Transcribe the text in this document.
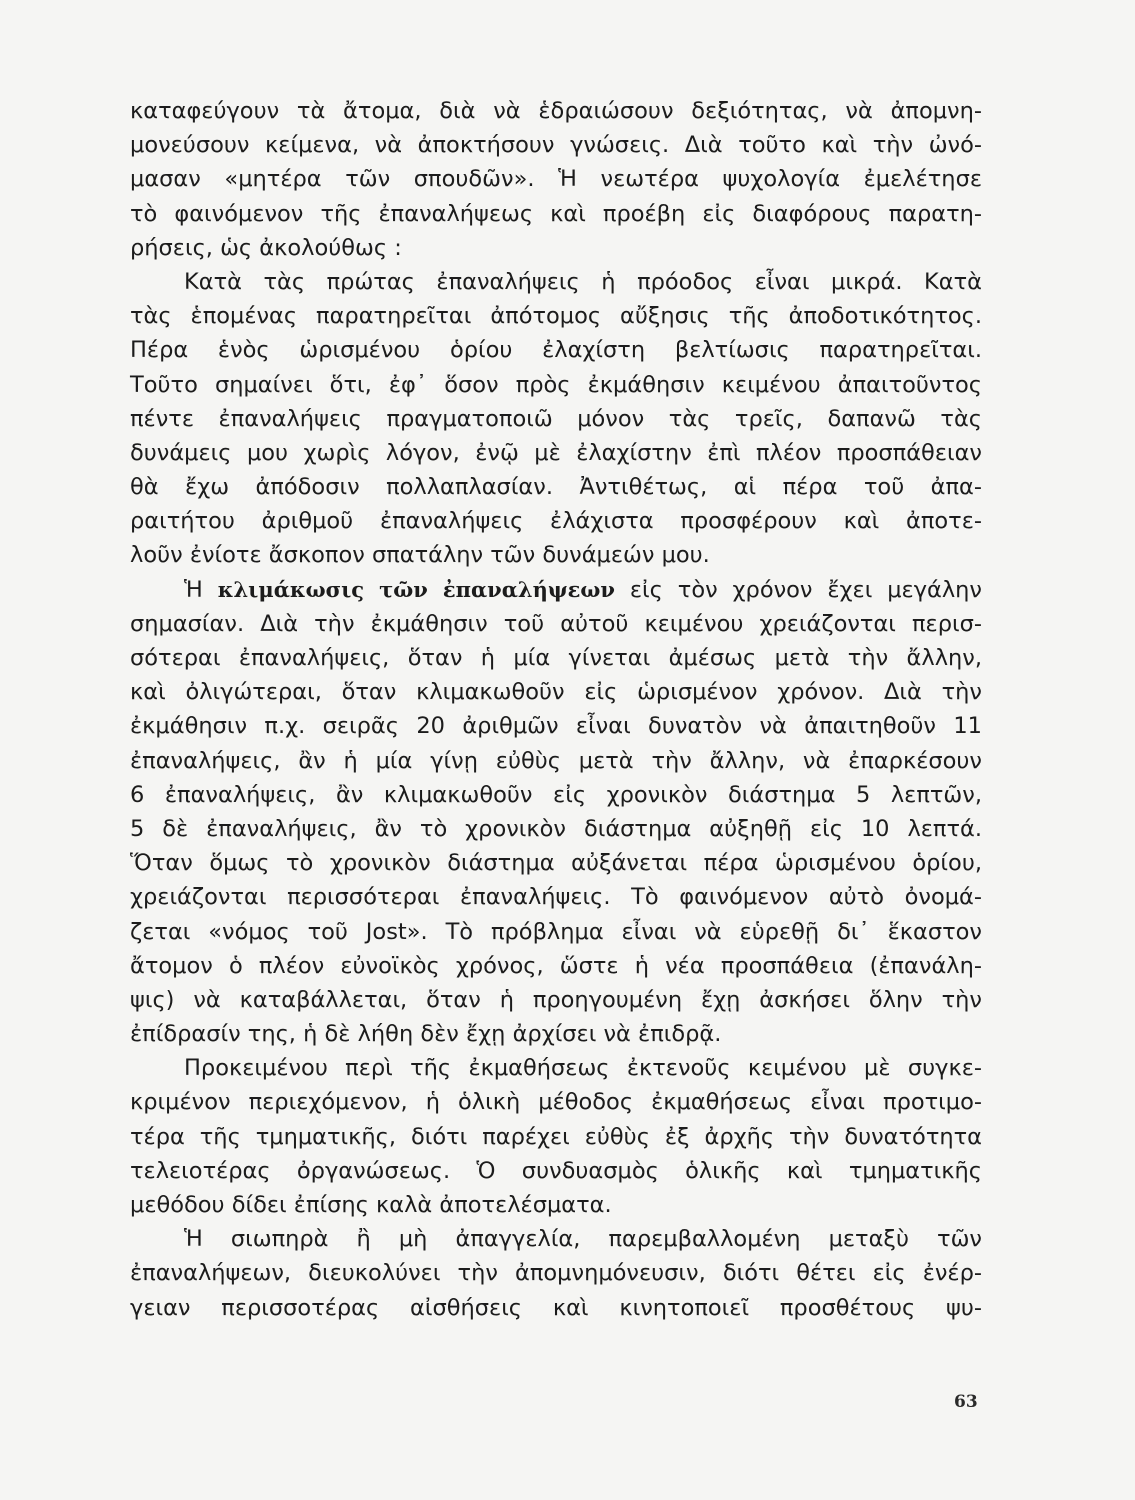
καταφεύγουν τὰ ἄτομα, διὰ νὰ ἑδραιώσουν δεξιότητας, νὰ ἀπομνη-
μονεύσουν κείμενα, νὰ ἀποκτήσουν γνώσεις. Διὰ τοῦτο καὶ τὴν ὠνό-
μασαν «μητέρα τῶν σπουδῶν». Ἡ νεωτέρα ψυχολογία ἐμελέτησε
τὸ φαινόμενον τῆς ἐπαναλήψεως καὶ προέβη εἰς διαφόρους παρατη-
ρήσεις, ὡς ἀκολούθως :
Κατὰ τὰς πρώτας ἐπαναλήψεις ἡ πρόοδος εἶναι μικρά. Κατὰ
τὰς ἑπομένας παρατηρεῖται ἀπότομος αὔξησις τῆς ἀποδοτικότητος.
Πέρα ἑνὸς ὡρισμένου ὁρίου ἐλαχίστη βελτίωσις παρατηρεῖται.
Τοῦτο σημαίνει ὅτι, ἐφ᾽ ὅσον πρὸς ἐκμάθησιν κειμένου ἀπαιτοῦντος
πέντε ἐπαναλήψεις πραγματοποιῶ μόνον τὰς τρεῖς, δαπανῶ τὰς
δυνάμεις μου χωρὶς λόγον, ἐνῷ μὲ ἐλαχίστην ἐπὶ πλέον προσπάθειαν
θὰ ἔχω ἀπόδοσιν πολλαπλασίαν. Ἀντιθέτως, αἱ πέρα τοῦ ἀπα-
ραιτήτου ἀριθμοῦ ἐπαναλήψεις ἐλάχιστα προσφέρουν καὶ ἀποτε-
λοῦν ἐνίοτε ἄσκοπον σπατάλην τῶν δυνάμεών μου.
Ἡ κλιμάκωσις τῶν ἐπαναλήψεων εἰς τὸν χρόνον ἔχει μεγάλην
σημασίαν. Διὰ τὴν ἐκμάθησιν τοῦ αὐτοῦ κειμένου χρειάζονται περισ-
σότεραι ἐπαναλήψεις, ὅταν ἡ μία γίνεται ἀμέσως μετὰ τὴν ἄλλην,
καὶ ὀλιγώτεραι, ὅταν κλιμακωθοῦν εἰς ὡρισμένον χρόνον. Διὰ τὴν
ἐκμάθησιν π.χ. σειρᾶς 20 ἀριθμῶν εἶναι δυνατὸν νὰ ἀπαιτηθοῦν 11
ἐπαναλήψεις, ἂν ἡ μία γίνῃ εὐθὺς μετὰ τὴν ἄλλην, νὰ ἐπαρκέσουν
6 ἐπαναλήψεις, ἂν κλιμακωθοῦν εἰς χρονικὸν διάστημα 5 λεπτῶν,
5 δὲ ἐπαναλήψεις, ἂν τὸ χρονικὸν διάστημα αὐξηθῇ εἰς 10 λεπτά.
Ὅταν ὅμως τὸ χρονικὸν διάστημα αὐξάνεται πέρα ὡρισμένου ὁρίου,
χρειάζονται περισσότεραι ἐπαναλήψεις. Τὸ φαινόμενον αὐτὸ ὀνομά-
ζεται «νόμος τοῦ Jost». Τὸ πρόβλημα εἶναι νὰ εὑρεθῇ δι᾽ ἕκαστον
ἄτομον ὁ πλέον εὐνοϊκὸς χρόνος, ὥστε ἡ νέα προσπάθεια (ἐπανάλη-
ψις) νὰ καταβάλλεται, ὅταν ἡ προηγουμένη ἔχῃ ἀσκήσει ὅλην τὴν
ἐπίδρασίν της, ἡ δὲ λήθη δὲν ἔχῃ ἀρχίσει νὰ ἐπιδρᾷ.
Προκειμένου περὶ τῆς ἐκμαθήσεως ἐκτενοῦς κειμένου μὲ συγκε-
κριμένον περιεχόμενον, ἡ ὁλικὴ μέθοδος ἐκμαθήσεως εἶναι προτιμο-
τέρα τῆς τμηματικῆς, διότι παρέχει εὐθὺς ἐξ ἀρχῆς τὴν δυνατότητα
τελειοτέρας ὀργανώσεως. Ὁ συνδυασμὸς ὁλικῆς καὶ τμηματικῆς
μεθόδου δίδει ἐπίσης καλὰ ἀποτελέσματα.
Ἡ σιωπηρὰ ἢ μὴ ἀπαγγελία, παρεμβαλλομένη μεταξὺ τῶν
ἐπαναλήψεων, διευκολύνει τὴν ἀπομνημόνευσιν, διότι θέτει εἰς ἐνέρ-
γειαν περισσοτέρας αἰσθήσεις καὶ κινητοποιεῖ προσθέτους ψυ-
63
